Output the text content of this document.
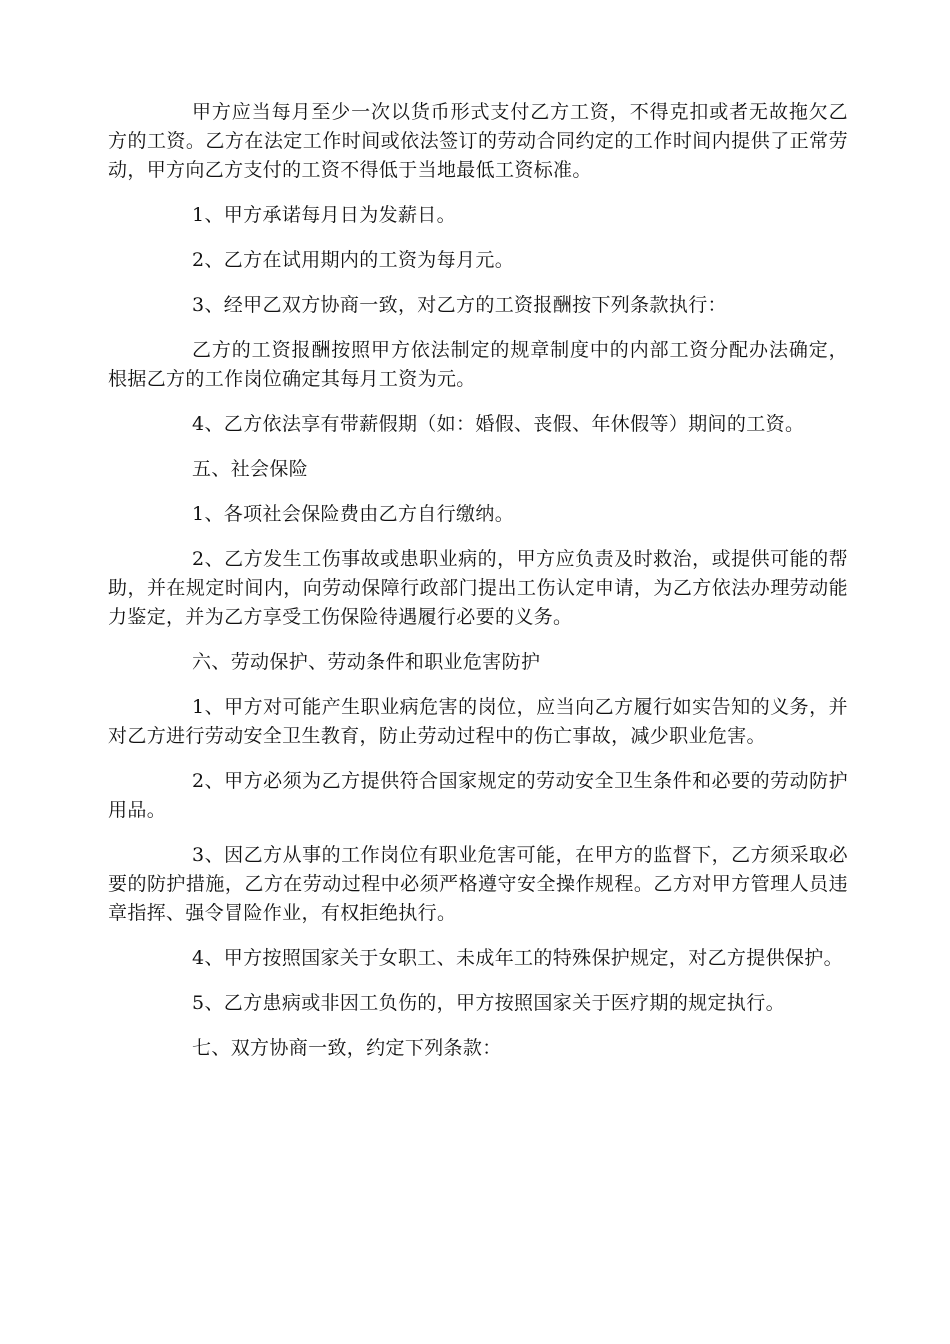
甲方应当每月至少一次以货币形式支付乙方工资，不得克扣或者无故拖欠乙方的工资。乙方在法定工作时间或依法签订的劳动合同约定的工作时间内提供了正常劳动，甲方向乙方支付的工资不得低于当地最低工资标准。

1、甲方承诺每月日为发薪日。

2、乙方在试用期内的工资为每月元。

3、经甲乙双方协商一致，对乙方的工资报酬按下列条款执行：

乙方的工资报酬按照甲方依法制定的规章制度中的内部工资分配办法确定，根据乙方的工作岗位确定其每月工资为元。

4、乙方依法享有带薪假期（如：婚假、丧假、年休假等）期间的工资。

五、社会保险

1、各项社会保险费由乙方自行缴纳。

2、乙方发生工伤事故或患职业病的，甲方应负责及时救治，或提供可能的帮助，并在规定时间内，向劳动保障行政部门提出工伤认定申请，为乙方依法办理劳动能力鉴定，并为乙方享受工伤保险待遇履行必要的义务。

六、劳动保护、劳动条件和职业危害防护

1、甲方对可能产生职业病危害的岗位，应当向乙方履行如实告知的义务，并对乙方进行劳动安全卫生教育，防止劳动过程中的伤亡事故，减少职业危害。

2、甲方必须为乙方提供符合国家规定的劳动安全卫生条件和必要的劳动防护用品。

3、因乙方从事的工作岗位有职业危害可能，在甲方的监督下，乙方须采取必要的防护措施，乙方在劳动过程中必须严格遵守安全操作规程。乙方对甲方管理人员违章指挥、强令冒险作业，有权拒绝执行。

4、甲方按照国家关于女职工、未成年工的特殊保护规定，对乙方提供保护。

5、乙方患病或非因工负伤的，甲方按照国家关于医疗期的规定执行。

七、双方协商一致，约定下列条款：
